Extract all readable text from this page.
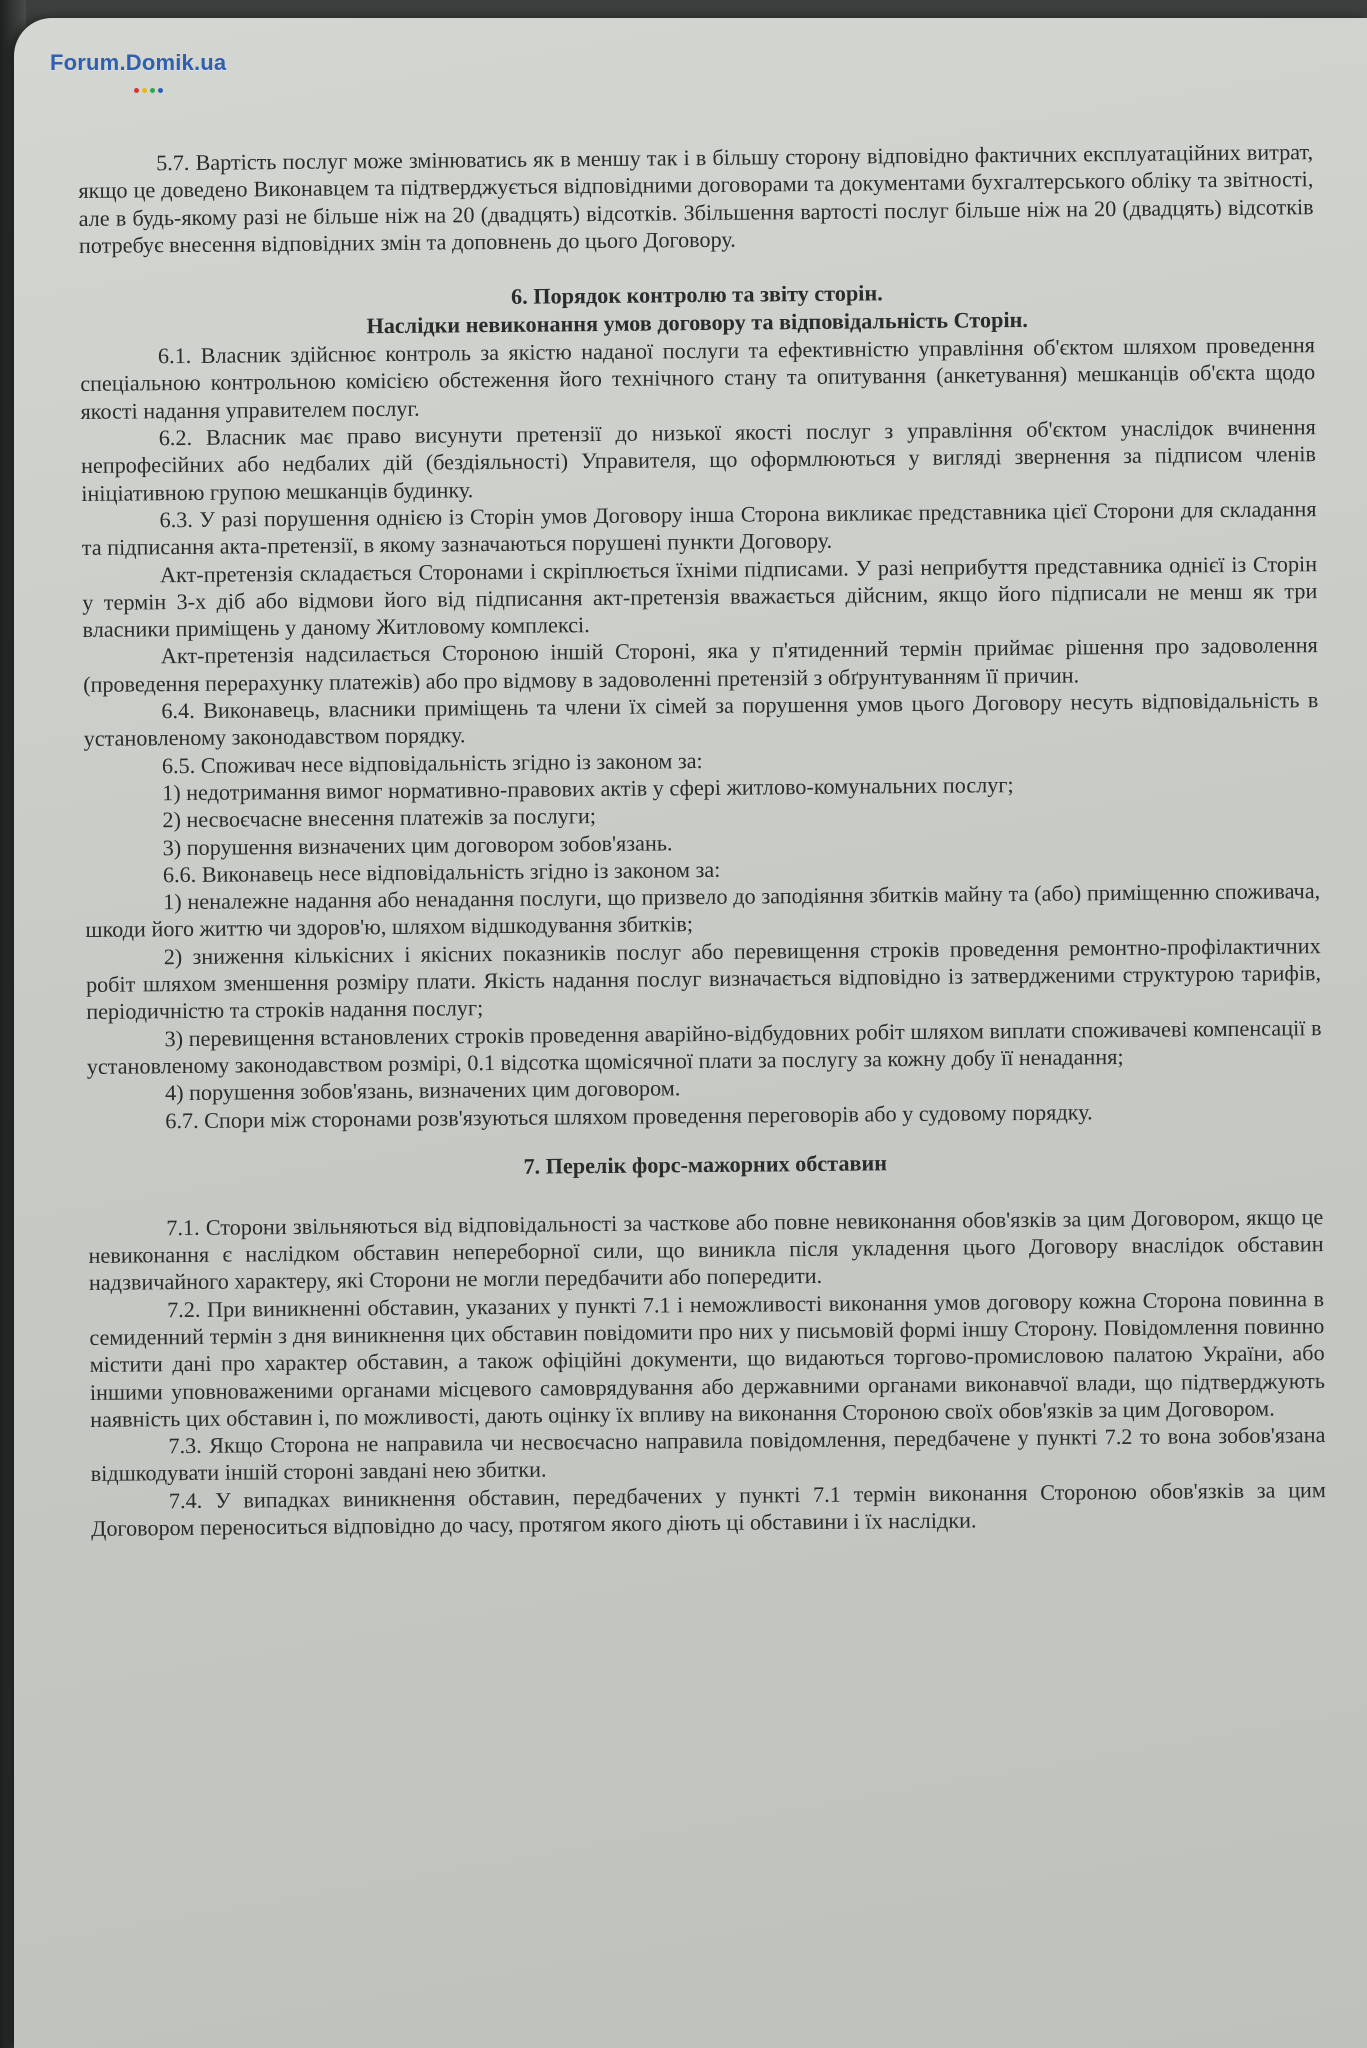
Forum.Domik.ua

5.7. Вартість послуг може змінюватись як в меншу так і в більшу сторону відповідно фактичних експлуатаційних витрат, якщо це доведено Виконавцем та підтверджується відповідними договорами та документами бухгалтерського обліку та звітності, але в будь-якому разі не більше ніж на 20 (двадцять) відсотків. Збільшення вартості послуг більше ніж на 20 (двадцять) відсотків потребує внесення відповідних змін та доповнень до цього Договору.

6. Порядок контролю та звіту сторін.
Наслідки невиконання умов договору та відповідальність Сторін.

6.1. Власник здійснює контроль за якістю наданої послуги та ефективністю управління об'єктом шляхом проведення спеціальною контрольною комісією обстеження його технічного стану та опитування (анкетування) мешканців об'єкта щодо якості надання управителем послуг.

6.2. Власник має право висунути претензії до низької якості послуг з управління об'єктом унаслідок вчинення непрофесійних або недбалих дій (бездіяльності) Управителя, що оформлюються у вигляді звернення за підписом членів ініціативною групою мешканців будинку.

6.3. У разі порушення однією із Сторін умов Договору інша Сторона викликає представника цієї Сторони для складання та підписання акта-претензії, в якому зазначаються порушені пункти Договору.

Акт-претензія складається Сторонами і скріплюється їхніми підписами. У разі неприбуття представника однієї із Сторін у термін 3-х діб або відмови його від підписання акт-претензія вважається дійсним, якщо його підписали не менш як три власники приміщень у даному Житловому комплексі.

Акт-претензія надсилається Стороною іншій Стороні, яка у п'ятиденний термін приймає рішення про задоволення (проведення перерахунку платежів) або про відмову в задоволенні претензій з обґрунтуванням її причин.

6.4. Виконавець, власники приміщень та члени їх сімей за порушення умов цього Договору несуть відповідальність в установленому законодавством порядку.

6.5. Споживач несе відповідальність згідно із законом за:

1) недотримання вимог нормативно-правових актів у сфері житлово-комунальних послуг;

2) несвоєчасне внесення платежів за послуги;

3) порушення визначених цим договором зобов'язань.

6.6. Виконавець несе відповідальність згідно із законом за:

1) неналежне надання або ненадання послуги, що призвело до заподіяння збитків майну та (або) приміщенню споживача, шкоди його життю чи здоров'ю, шляхом відшкодування збитків;

2) зниження кількісних і якісних показників послуг або перевищення строків проведення ремонтно-профілактичних робіт шляхом зменшення розміру плати. Якість надання послуг визначається відповідно із затвердженими структурою тарифів, періодичністю та строків надання послуг;

3) перевищення встановлених строків проведення аварійно-відбудовних робіт шляхом виплати споживачеві компенсації в установленому законодавством розмірі, 0.1 відсотка щомісячної плати за послугу за кожну добу її ненадання;

4) порушення зобов'язань, визначених цим договором.

6.7. Спори між сторонами розв'язуються шляхом проведення переговорів або у судовому порядку.

7. Перелік форс-мажорних обставин

7.1. Сторони звільняються від відповідальності за часткове або повне невиконання обов'язків за цим Договором, якщо це невиконання є наслідком обставин непереборної сили, що виникла після укладення цього Договору внаслідок обставин надзвичайного характеру, які Сторони не могли передбачити або попередити.

7.2. При виникненні обставин, указаних у пункті 7.1 і неможливості виконання умов договору кожна Сторона повинна в семиденний термін з дня виникнення цих обставин повідомити про них у письмовій формі іншу Сторону. Повідомлення повинно містити дані про характер обставин, а також офіційні документи, що видаються торгово-промисловою палатою України, або іншими уповноваженими органами місцевого самоврядування або державними органами виконавчої влади, що підтверджують наявність цих обставин і, по можливості, дають оцінку їх впливу на виконання Стороною своїх обов'язків за цим Договором.

7.3. Якщо Сторона не направила чи несвоєчасно направила повідомлення, передбачене у пункті 7.2 то вона зобов'язана відшкодувати іншій стороні завдані нею збитки.

7.4. У випадках виникнення обставин, передбачених у пункті 7.1 термін виконання Стороною обов'язків за цим Договором переноситься відповідно до часу, протягом якого діють ці обставини і їх наслідки.
